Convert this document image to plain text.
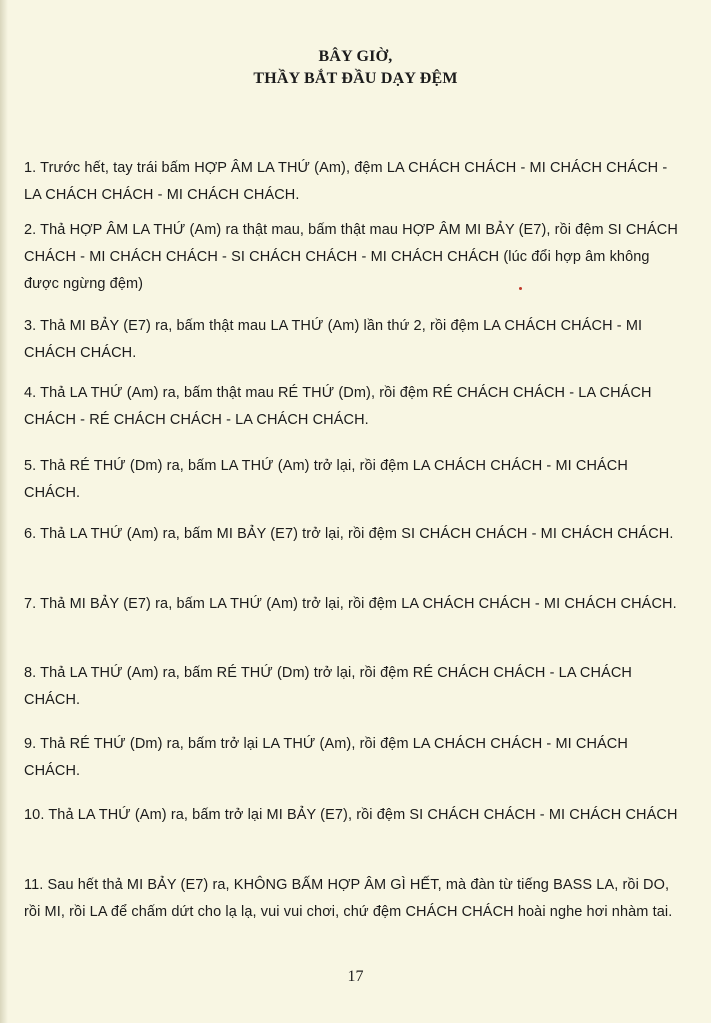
BÂY GIỜ,
THẦY BẮT ĐẦU DẠY ĐỆM

1. Trước hết, tay trái bấm HỢP ÂM LA THỨ (Am), đệm LA CHÁCH CHÁCH - MI CHÁCH CHÁCH - LA CHÁCH CHÁCH - MI CHÁCH CHÁCH.

2. Thả HỢP ÂM LA THỨ (Am) ra thật mau, bấm thật mau HỢP ÂM MI BẢY (E7), rồi đệm SI CHÁCH CHÁCH - MI CHÁCH CHÁCH - SI CHÁCH CHÁCH - MI CHÁCH CHÁCH (lúc đổi hợp âm không được ngừng đệm)

3. Thả MI BẢY (E7) ra, bấm thật mau LA THỨ (Am) lần thứ 2, rồi đệm LA CHÁCH CHÁCH - MI CHÁCH CHÁCH.

4. Thả LA THỨ (Am) ra, bấm thật mau RÉ THỨ (Dm), rồi đệm RÉ CHÁCH CHÁCH - LA CHÁCH CHÁCH - RÉ CHÁCH CHÁCH - LA CHÁCH CHÁCH.

5. Thả RÉ THỨ (Dm) ra, bấm LA THỨ (Am) trở lại, rồi đệm LA CHÁCH CHÁCH - MI CHÁCH CHÁCH.

6. Thả LA THỨ (Am) ra, bấm MI BẢY (E7) trở lại, rồi đệm SI CHÁCH CHÁCH - MI CHÁCH CHÁCH.

7. Thả MI BẢY (E7) ra, bấm LA THỨ (Am) trở lại, rồi đệm LA CHÁCH CHÁCH - MI CHÁCH CHÁCH.

8. Thả LA THỨ (Am) ra, bấm RÉ THỨ (Dm) trở lại, rồi đệm RÉ CHÁCH CHÁCH - LA CHÁCH CHÁCH.

9. Thả RÉ THỨ (Dm) ra, bấm trở lại LA THỨ (Am), rồi đệm LA CHÁCH CHÁCH - MI CHÁCH CHÁCH.

10. Thả LA THỨ (Am) ra, bấm trở lại MI BẢY (E7), rồi đệm SI CHÁCH CHÁCH - MI CHÁCH CHÁCH

11. Sau hết thả MI BẢY (E7) ra, KHÔNG BẤM HỢP ÂM GÌ HẾT, mà đàn từ tiếng BASS LA, rồi DO, rồi MI, rồi LA để chấm dứt cho lạ lạ, vui vui chơi, chứ đệm CHÁCH CHÁCH hoài nghe hơi nhàm tai.

17
